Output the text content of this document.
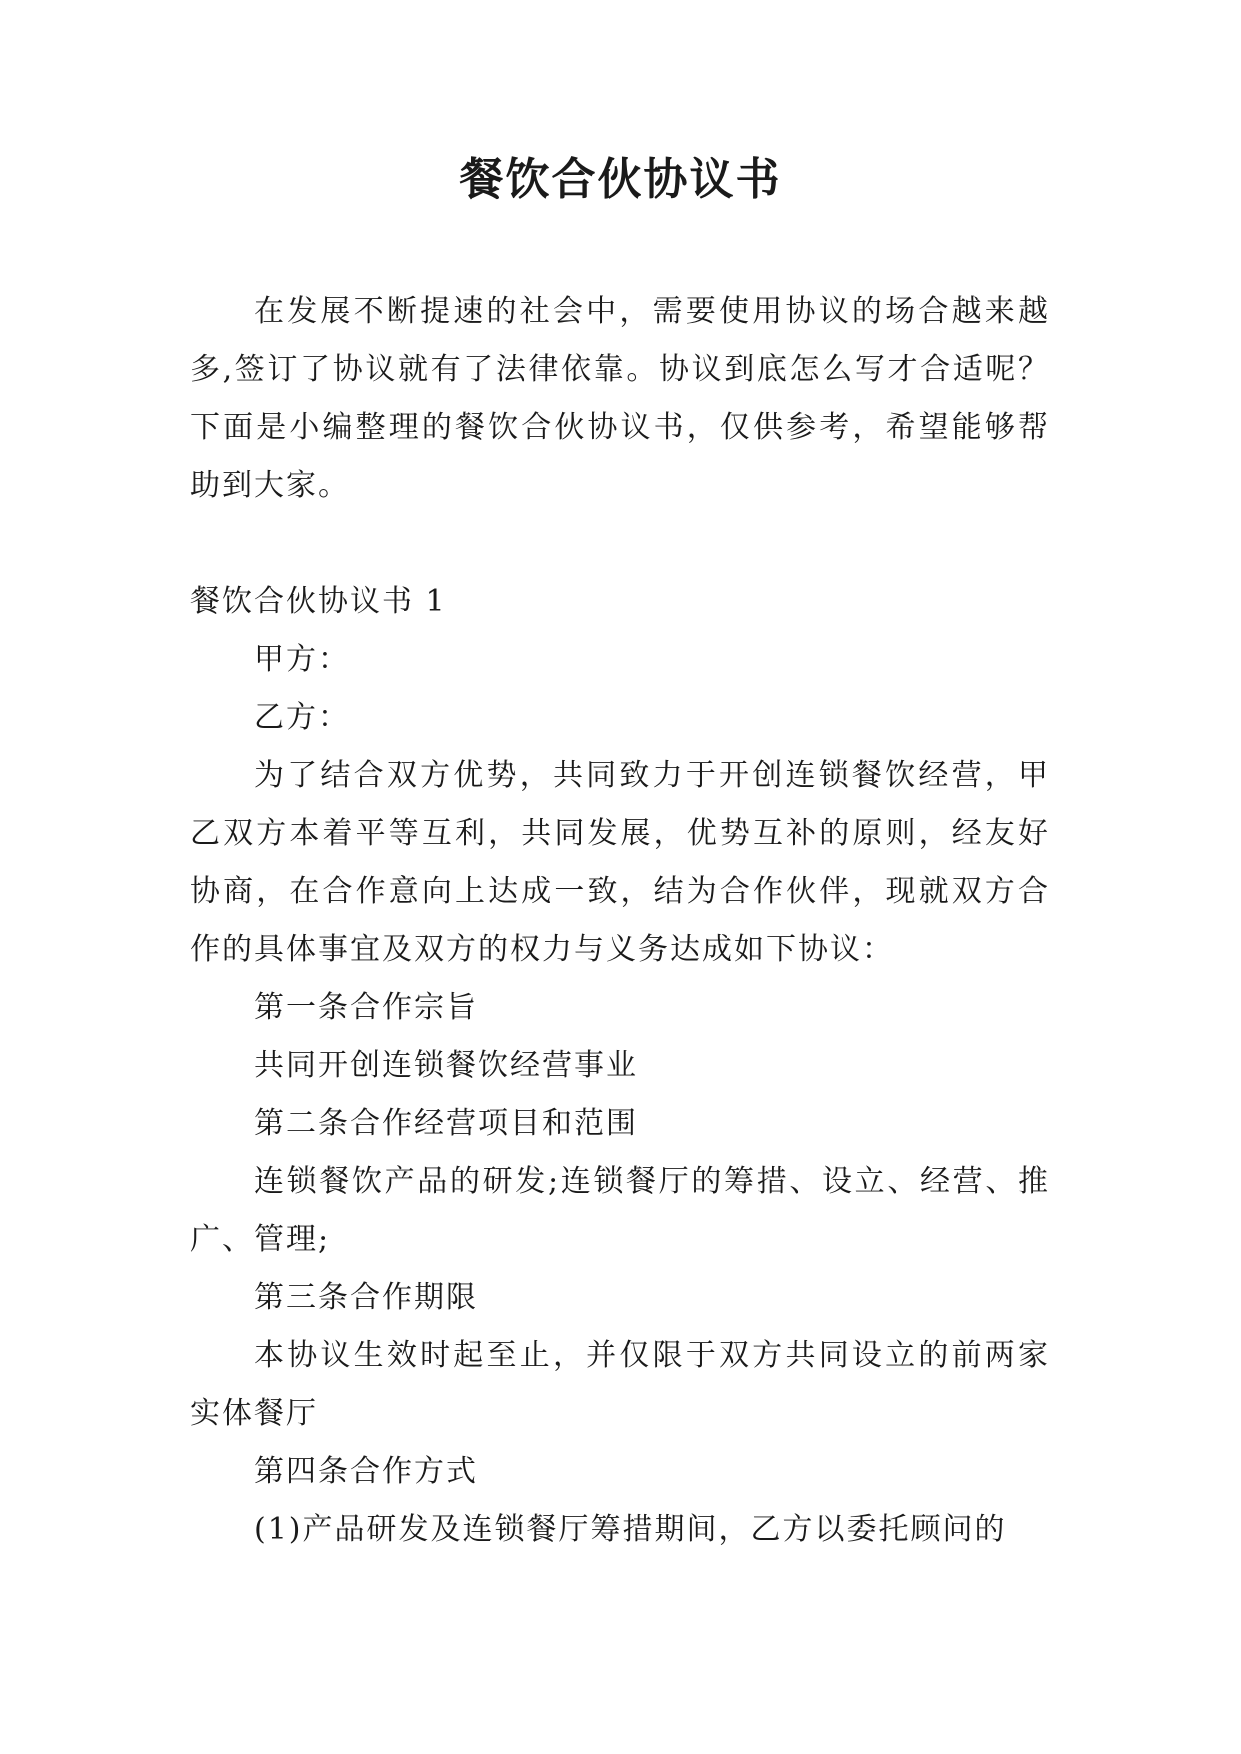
餐饮合伙协议书

在发展不断提速的社会中，需要使用协议的场合越来越多,签订了协议就有了法律依靠。协议到底怎么写才合适呢？下面是小编整理的餐饮合伙协议书，仅供参考，希望能够帮助到大家。

餐饮合伙协议书 1

甲方：

乙方：

为了结合双方优势，共同致力于开创连锁餐饮经营，甲乙双方本着平等互利，共同发展，优势互补的原则，经友好协商，在合作意向上达成一致，结为合作伙伴，现就双方合作的具体事宜及双方的权力与义务达成如下协议：

第一条合作宗旨

共同开创连锁餐饮经营事业

第二条合作经营项目和范围

连锁餐饮产品的研发;连锁餐厅的筹措、设立、经营、推广、管理;

第三条合作期限

本协议生效时起至止，并仅限于双方共同设立的前两家实体餐厅

第四条合作方式

(1)产品研发及连锁餐厅筹措期间，乙方以委托顾问的
